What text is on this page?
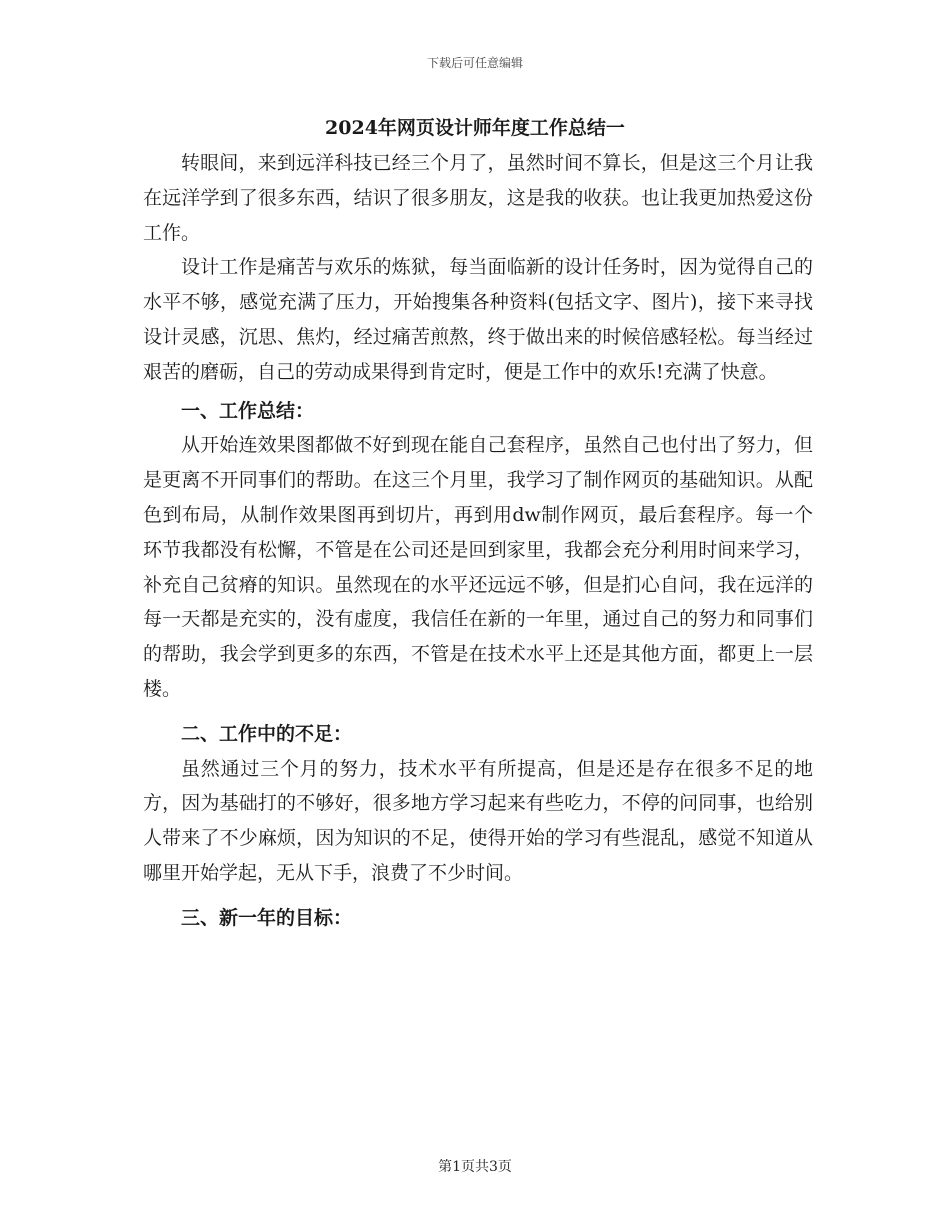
下载后可任意编辑
2024年网页设计师年度工作总结一

转眼间，来到远洋科技已经三个月了，虽然时间不算长，但是这三个月让我在远洋学到了很多东西，结识了很多朋友，这是我的收获。也让我更加热爱这份工作。

设计工作是痛苦与欢乐的炼狱，每当面临新的设计任务时，因为觉得自己的水平不够，感觉充满了压力，开始搜集各种资料(包括文字、图片)，接下来寻找设计灵感，沉思、焦灼，经过痛苦煎熬，终于做出来的时候倍感轻松。每当经过艰苦的磨砺，自己的劳动成果得到肯定时，便是工作中的欢乐!充满了快意。

一、工作总结：

从开始连效果图都做不好到现在能自己套程序，虽然自己也付出了努力，但是更离不开同事们的帮助。在这三个月里，我学习了制作网页的基础知识。从配色到布局，从制作效果图再到切片，再到用dw制作网页，最后套程序。每一个环节我都没有松懈，不管是在公司还是回到家里，我都会充分利用时间来学习，补充自己贫瘠的知识。虽然现在的水平还远远不够，但是扪心自问，我在远洋的每一天都是充实的，没有虚度，我信任在新的一年里，通过自己的努力和同事们的帮助，我会学到更多的东西，不管是在技术水平上还是其他方面，都更上一层楼。

二、工作中的不足：

虽然通过三个月的努力，技术水平有所提高，但是还是存在很多不足的地方，因为基础打的不够好，很多地方学习起来有些吃力，不停的问同事，也给别人带来了不少麻烦，因为知识的不足，使得开始的学习有些混乱，感觉不知道从哪里开始学起，无从下手，浪费了不少时间。

三、新一年的目标：
第1页共3页
